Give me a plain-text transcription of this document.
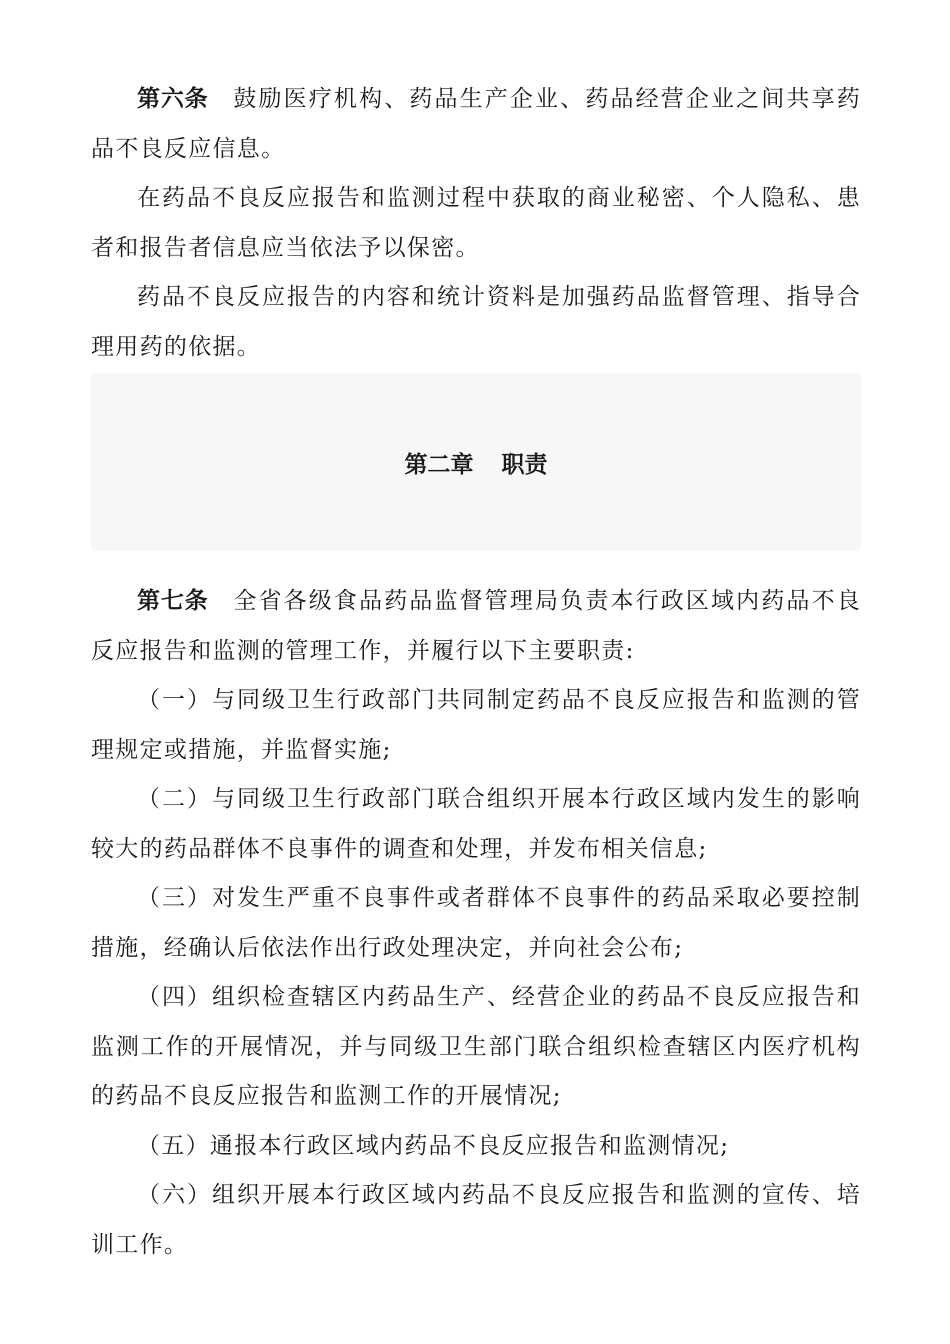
第六条 鼓励医疗机构、药品生产企业、药品经营企业之间共享药品不良反应信息。

在药品不良反应报告和监测过程中获取的商业秘密、个人隐私、患者和报告者信息应当依法予以保密。

药品不良反应报告的内容和统计资料是加强药品监督管理、指导合理用药的依据。

第二章 职责

第七条 全省各级食品药品监督管理局负责本行政区域内药品不良反应报告和监测的管理工作，并履行以下主要职责:

（一）与同级卫生行政部门共同制定药品不良反应报告和监测的管理规定或措施，并监督实施;

（二）与同级卫生行政部门联合组织开展本行政区域内发生的影响较大的药品群体不良事件的调查和处理，并发布相关信息;

（三）对发生严重不良事件或者群体不良事件的药品采取必要控制措施，经确认后依法作出行政处理决定，并向社会公布;

（四）组织检查辖区内药品生产、经营企业的药品不良反应报告和监测工作的开展情况，并与同级卫生部门联合组织检查辖区内医疗机构的药品不良反应报告和监测工作的开展情况;

（五）通报本行政区域内药品不良反应报告和监测情况;

（六）组织开展本行政区域内药品不良反应报告和监测的宣传、培训工作。
